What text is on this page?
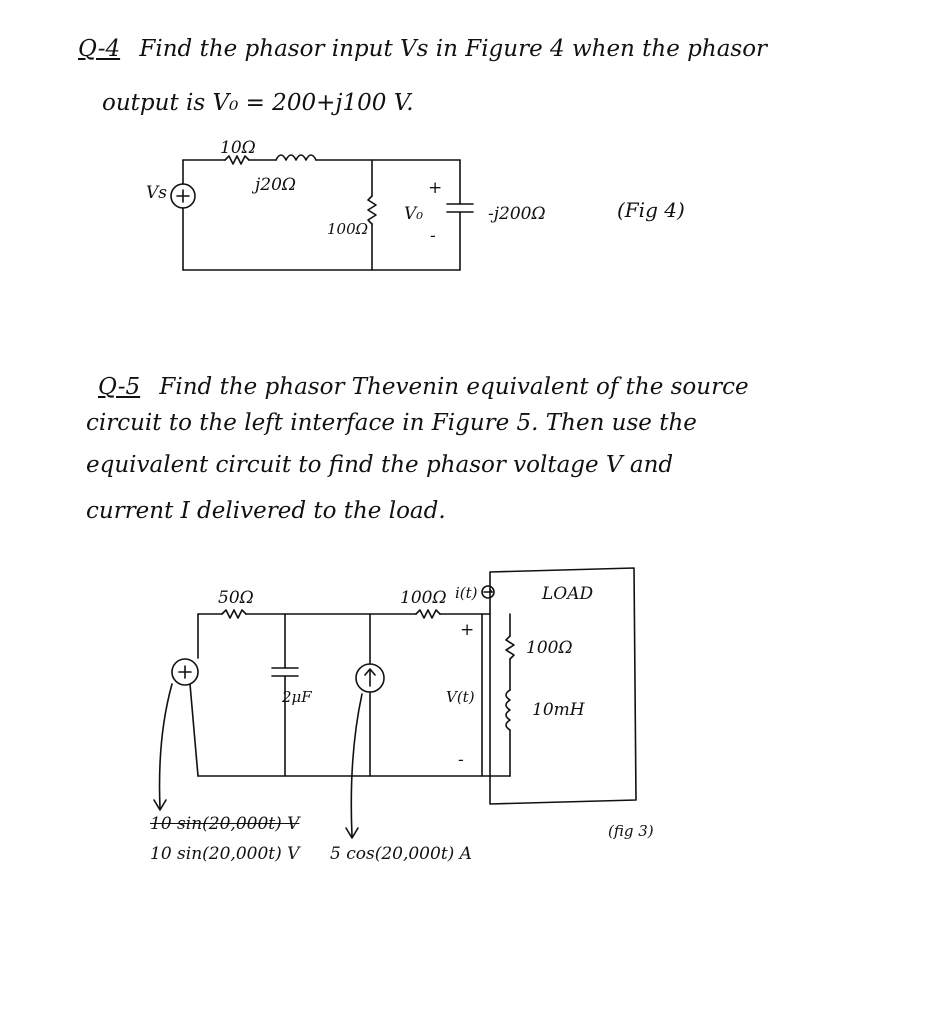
Q-4 Find the phasor input Vs in Figure 4 when the phasor
output is V₀ = 200+j100 V.
10Ω
j20Ω
Vs
100Ω
V₀
+
-
-j200Ω	(Fig 4)
Q-5 Find the phasor Thevenin equivalent of the source
circuit to the left interface in Figure 5. Then use the
equivalent circuit to find the phasor voltage V and
current I delivered to the load.
50Ω
2μF
100Ω i(t)	LOAD
100Ω
10mH
V(t)
+
-
10 sin(20,000t) V
10 sin(20,000t) V 5 cos(20,000t) A
(fig 3)
